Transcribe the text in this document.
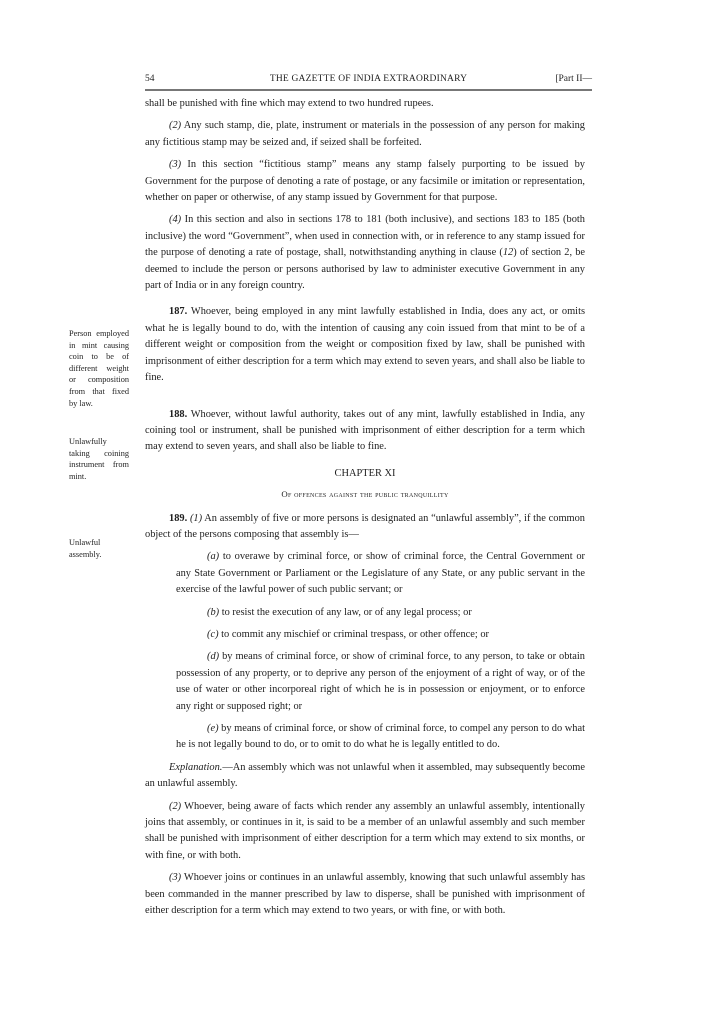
54	THE GAZETTE OF INDIA EXTRAORDINARY	[Part II—
Person employed in mint causing coin to be of different weight or composition from that fixed by law.
Unlawfully taking coining instrument from mint.
Unlawful assembly.

shall be punished with fine which may extend to two hundred rupees.

(2) Any such stamp, die, plate, instrument or materials in the possession of any person for making any fictitious stamp may be seized and, if seized shall be forfeited.

(3) In this section “fictitious stamp” means any stamp falsely purporting to be issued by Government for the purpose of denoting a rate of postage, or any facsimile or imitation or representation, whether on paper or otherwise, of any stamp issued by Government for that purpose.

(4) In this section and also in sections 178 to 181 (both inclusive), and sections 183 to 185 (both inclusive) the word “Government”, when used in connection with, or in reference to any stamp issued for the purpose of denoting a rate of postage, shall, notwithstanding anything in clause (12) of section 2, be deemed to include the person or persons authorised by law to administer executive Government in any part of India or in any foreign country.

187. Whoever, being employed in any mint lawfully established in India, does any act, or omits what he is legally bound to do, with the intention of causing any coin issued from that mint to be of a different weight or composition from the weight or composition fixed by law, shall be punished with imprisonment of either description for a term which may extend to seven years, and shall also be liable to fine.

188. Whoever, without lawful authority, takes out of any mint, lawfully established in India, any coining tool or instrument, shall be punished with imprisonment of either description for a term which may extend to seven years, and shall also be liable to fine.

CHAPTER XI
Of offences against the public tranquillity

189. (1) An assembly of five or more persons is designated an “unlawful assembly”, if the common object of the persons composing that assembly is—

(a) to overawe by criminal force, or show of criminal force, the Central Government or any State Government or Parliament or the Legislature of any State, or any public servant in the exercise of the lawful power of such public servant; or

(b) to resist the execution of any law, or of any legal process; or

(c) to commit any mischief or criminal trespass, or other offence; or

(d) by means of criminal force, or show of criminal force, to any person, to take or obtain possession of any property, or to deprive any person of the enjoyment of a right of way, or of the use of water or other incorporeal right of which he is in possession or enjoyment, or to enforce any right or supposed right; or

(e) by means of criminal force, or show of criminal force, to compel any person to do what he is not legally bound to do, or to omit to do what he is legally entitled to do.

Explanation.—An assembly which was not unlawful when it assembled, may subsequently become an unlawful assembly.

(2) Whoever, being aware of facts which render any assembly an unlawful assembly, intentionally joins that assembly, or continues in it, is said to be a member of an unlawful assembly and such member shall be punished with imprisonment of either description for a term which may extend to six months, or with fine, or with both.

(3) Whoever joins or continues in an unlawful assembly, knowing that such unlawful assembly has been commanded in the manner prescribed by law to disperse, shall be punished with imprisonment of either description for a term which may extend to two years, or with fine, or with both.
